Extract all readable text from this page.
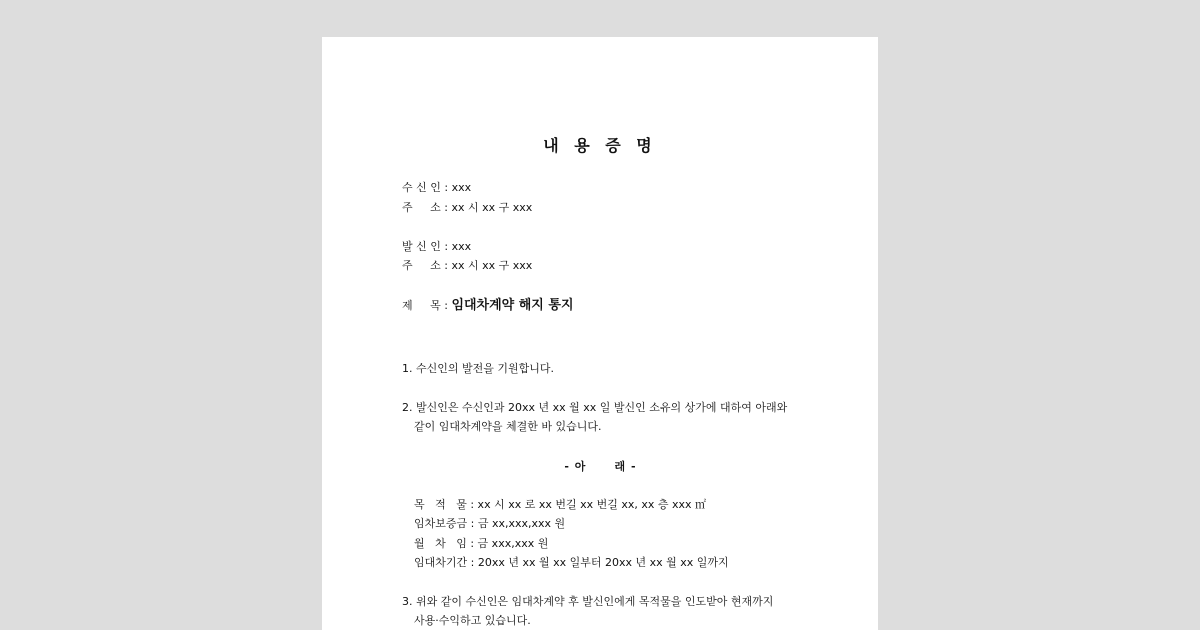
내 용 증 명
수 신 인 : xxx
주     소 : xx 시 xx 구 xxx
발 신 인 : xxx
주     소 : xx 시 xx 구 xxx
제     목 : 임대차계약 해지 통지
1. 수신인의 발전을 기원합니다.
2. 발신인은 수신인과 20xx 년 xx 월 xx 일 발신인 소유의 상가에 대하여 아래와
같이 임대차계약을 체결한 바 있습니다.
- 아     래 -
목   적   물 : xx 시 xx 로 xx 번길 xx 번길 xx, xx 층 xxx ㎡
임차보증금 : 금 xx,xxx,xxx 원
월   차   임 : 금 xxx,xxx 원
임대차기간 : 20xx 년 xx 월 xx 일부터 20xx 년 xx 월 xx 일까지
3. 위와 같이 수신인은 임대차계약 후 발신인에게 목적물을 인도받아 현재까지
사용·수익하고 있습니다.
